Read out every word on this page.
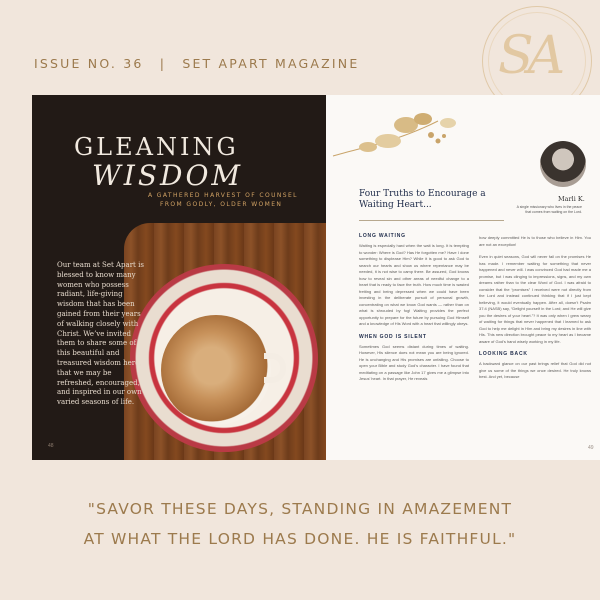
ISSUE NO. 36 | SET APART MAGAZINE	SA
GLEANING
WISDOM
A GATHERED HARVEST OF COUNSEL
FROM GODLY, OLDER WOMEN
Our team at Set Apart is blessed to know many women who possess radiant, life-giving wisdom that has been gained from their years of walking closely with Christ. We’ve invited them to share some of this beautiful and treasured wisdom here, that we may be refreshed, encouraged, and inspired in our own varied seasons of life.
48
Marli K.
A single missionary who lives in the peace that comes from waiting on the Lord.
Four Truths to Encourage a Waiting Heart...
LONG WAITING

Waiting is especially hard when the wait is long. It is tempting to wonder: Where is God? Has He forgotten me? Have I done something to displease Him? While it is good to ask God to search our hearts and show us where repentance may be needed, it is not wise to camp there. Be assured, God knows how to reveal sin and other areas of needful change to a heart that is ready to face the truth. How much time is wasted fretting and being depressed when we could have been investing in the deliberate pursuit of personal growth, concentrating on what we know God wants — rather than on what is shrouded by fog! Waiting provides the perfect opportunity to prepare for the future by pursuing God Himself and a knowledge of His Word with a heart that willingly obeys.

WHEN GOD IS SILENT

Sometimes God seems distant during times of waiting. However, His silence does not mean you are being ignored. He is unchanging and His promises are unfailing. Choose to open your Bible and study God’s character. I have found that meditating on a passage like John 17 gives me a glimpse into Jesus’ heart. In that prayer, He reveals

how deeply committed He is to those who believe in Him. You are not an exception!

Even in quiet seasons, God will never fail on the promises He has made. I remember waiting for something that never happened and never will. I was convinced God had made me a promise, but I was clinging to impressions, signs, and my own dreams rather than to the clear Word of God. I was afraid to consider that the “promises” I received were not directly from the Lord and instead continued thinking that if I just kept believing, it would eventually happen. After all, doesn’t Psalm 37:4 (NASB) say, “Delight yourself in the Lord; and He will give you the desires of your heart.”? It was only when I grew weary of waiting for things that never happened that I learned to ask God to help me delight in Him and bring my desires in line with His. This new direction brought peace to my heart as I became aware of God’s hand wisely working in my life.

LOOKING BACK

A backward glance on our past brings relief that God did not give us some of the things we once desired. He truly knows best. And yet, because

49
"SAVOR THESE DAYS, STANDING IN AMAZEMENT
AT WHAT THE LORD HAS DONE. HE IS FAITHFUL."
